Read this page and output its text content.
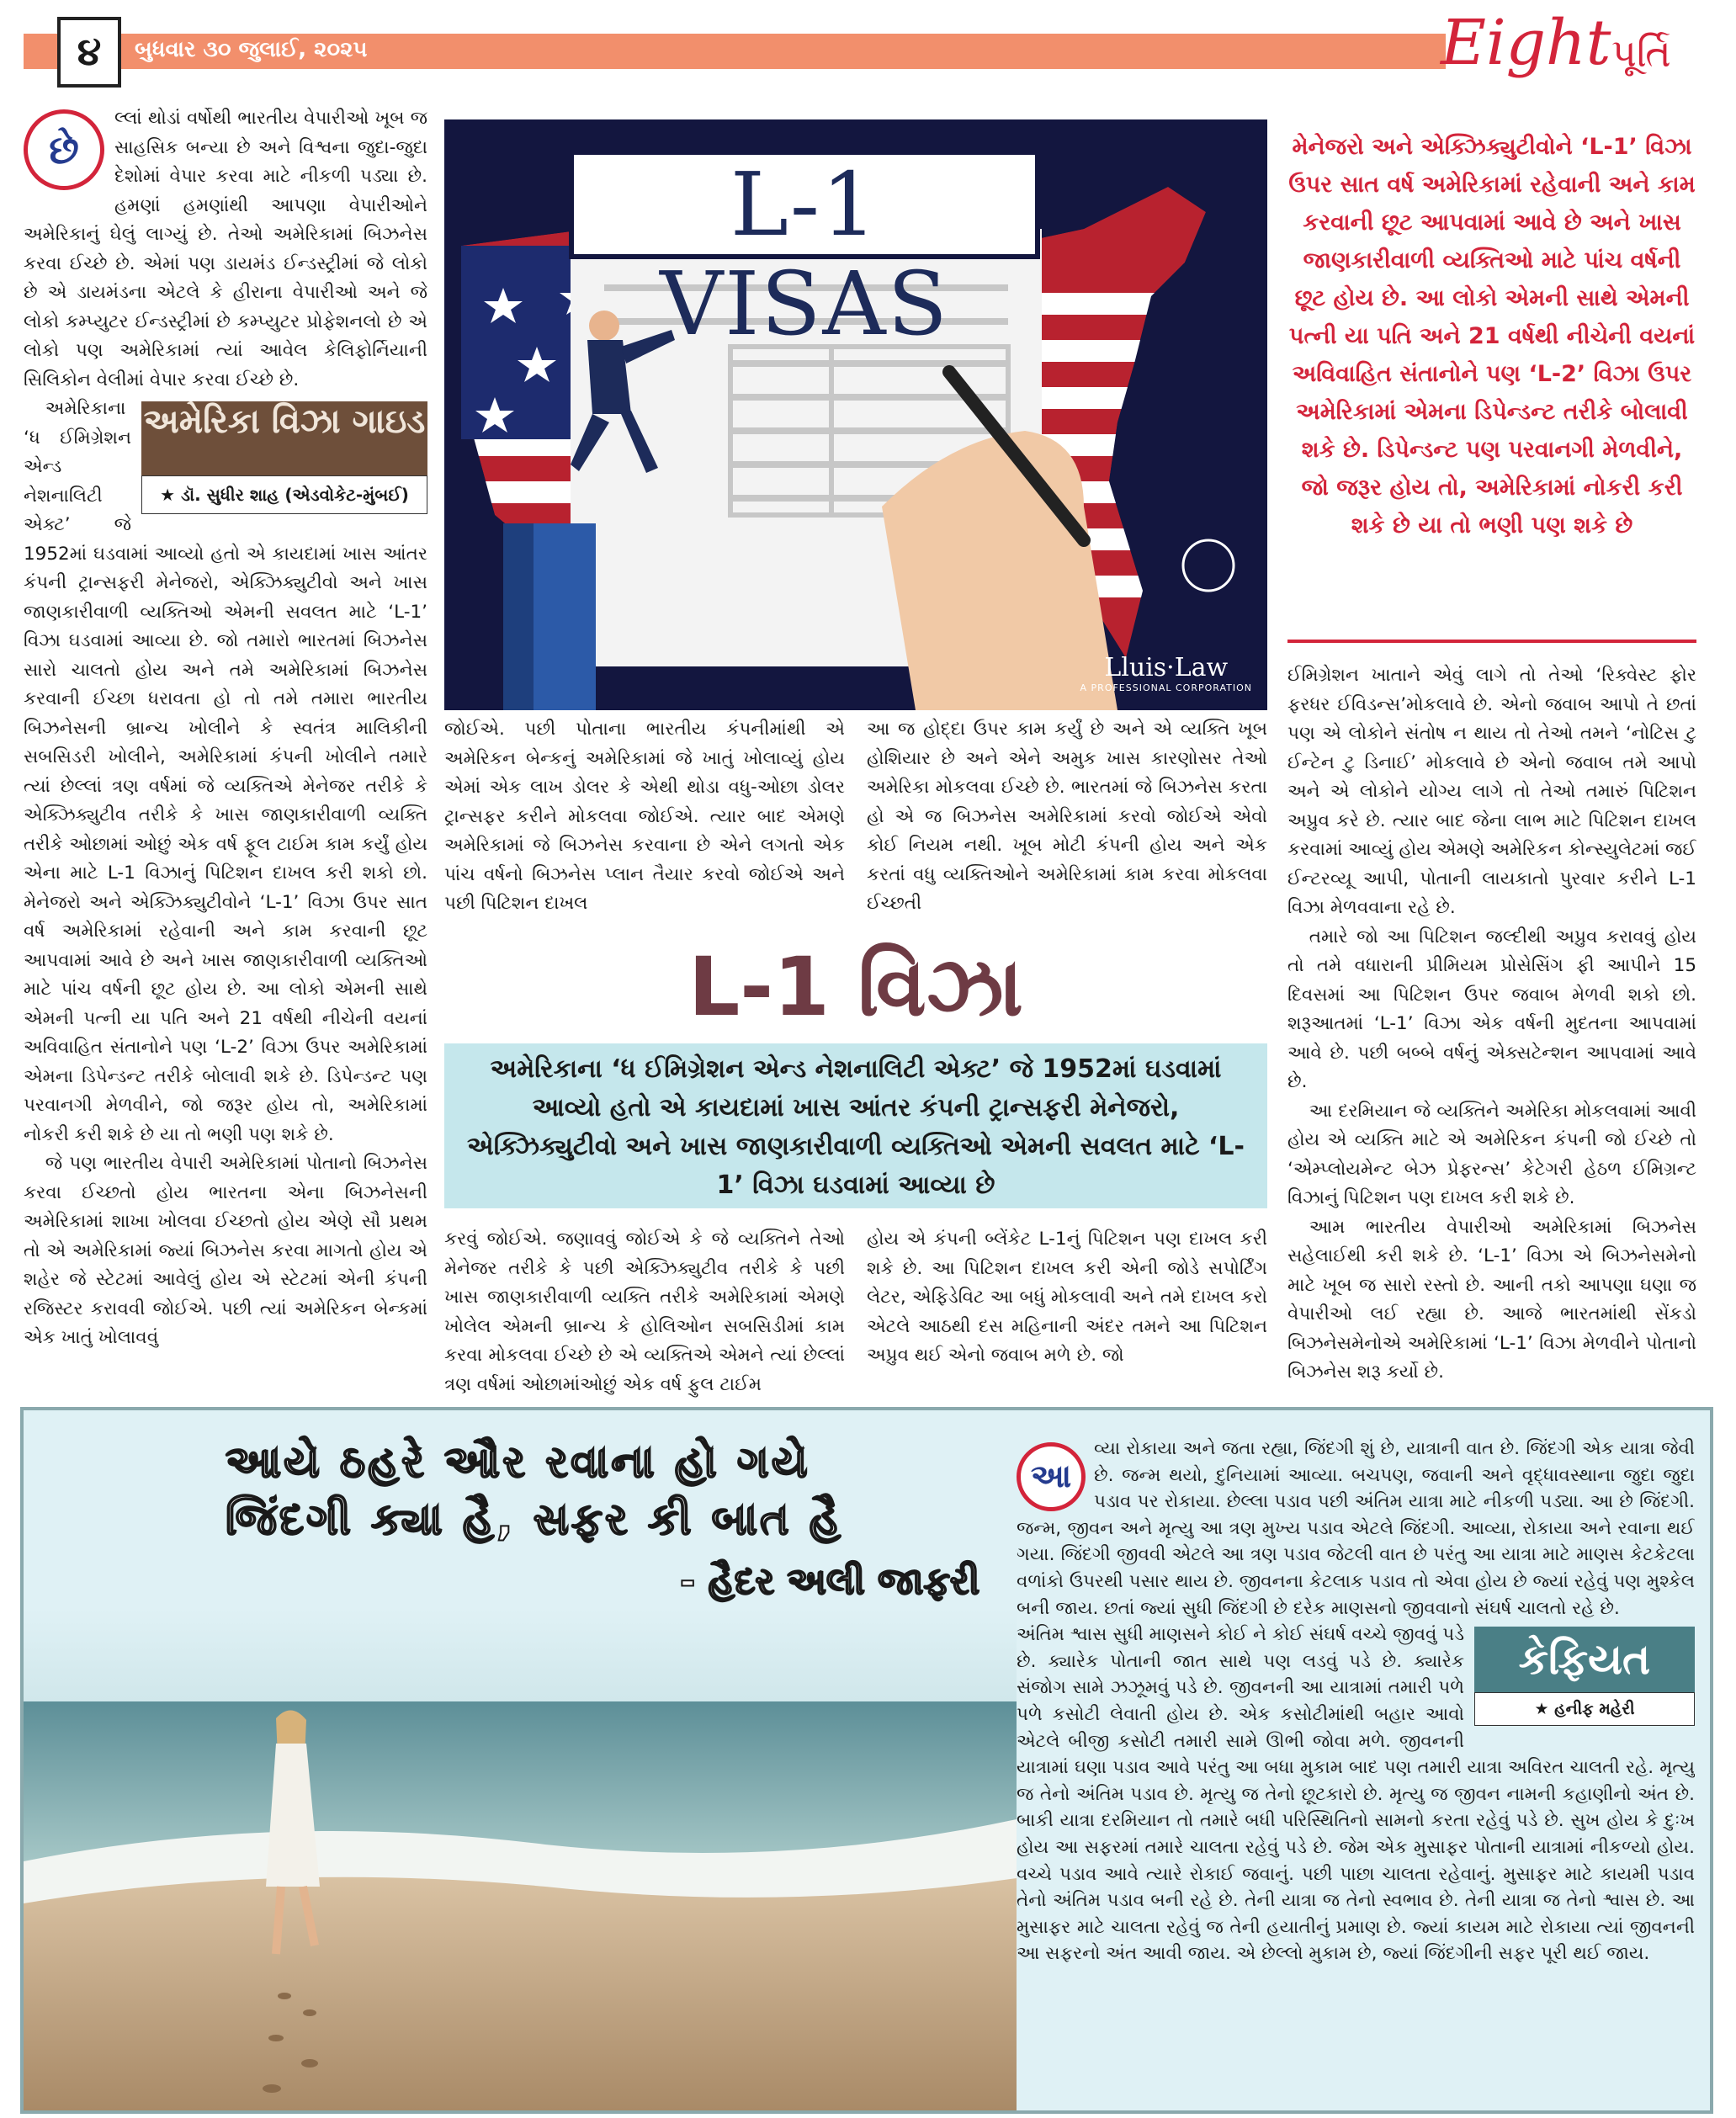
૪	બુધવાર ૩૦ જુલાઈ, ૨૦૨૫	Eight પૂર્તિ
છે

લ્લાં થોડાં વર્ષોથી ભારતીય વેપારીઓ ખૂબ જ સાહસિક બન્યા છે અને વિશ્વના જુદા-જુદા દેશોમાં વેપાર કરવા માટે નીકળી પડ્યા છે. હમણાં હમણાંથી આપણા વેપારીઓને અમેરિકાનું ઘેલું લાગ્યું છે. તેઓ અમેરિકામાં બિઝનેસ કરવા ઈચ્છે છે. એમાં પણ ડાયમંડ ઈન્ડસ્ટ્રીમાં જે લોકો છે એ ડાયમંડના એટલે કે હીરાના વેપારીઓ અને જે લોકો કમ્પ્યુટર ઈન્ડસ્ટ્રીમાં છે કમ્પ્યુટર પ્રોફેશનલો છે એ લોકો પણ અમેરિકામાં ત્યાં આવેલ કેલિફોર્નિયાની સિલિકોન વેલીમાં વેપાર કરવા ઈચ્છે છે.

અમેરિકા વિઝા ગાઇડ
★ ડૉ. સુધીર શાહ (એડવોકેટ-મુંબઈ)

અમેરિકાના ‘ધ ઈમિગ્રેશન એન્ડ નેશનાલિટી એક્ટ’ જે 1952માં ઘડવામાં આવ્યો હતો એ કાયદામાં ખાસ આંતર કંપની ટ્રાન્સફરી મેનેજરો, એક્ઝિક્યુટીવો અને ખાસ જાણકારીવાળી વ્યક્તિઓ એમની સવલત માટે ‘L-1’ વિઝા ઘડવામાં આવ્યા છે. જો તમારો ભારતમાં બિઝનેસ સારો ચાલતો હોય અને તમે અમેરિકામાં બિઝનેસ કરવાની ઈચ્છા ધરાવતા હો તો તમે તમારા ભારતીય બિઝનેસની બ્રાન્ચ ખોલીને કે સ્વતંત્ર માલિકીની સબસિડરી ખોલીને, અમેરિકામાં કંપની ખોલીને તમારે ત્યાં છેલ્લાં ત્રણ વર્ષમાં જે વ્યક્તિએ મેનેજર તરીકે કે એક્ઝિક્યુટીવ તરીકે કે ખાસ જાણકારીવાળી વ્યક્તિ તરીકે ઓછામાં ઓછું એક વર્ષ ફૂલ ટાઈમ કામ કર્યું હોય એના માટે L-1 વિઝાનું પિટિશન દાખલ કરી શકો છો. મેનેજરો અને એક્ઝિક્યુટીવોને ‘L-1’ વિઝા ઉપર સાત વર્ષ અમેરિકામાં રહેવાની અને કામ કરવાની છૂટ આપવામાં આવે છે અને ખાસ જાણકારીવાળી વ્યક્તિઓ માટે પાંચ વર્ષની છૂટ હોય છે. આ લોકો એમની સાથે એમની પત્ની યા પતિ અને 21 વર્ષથી નીચેની વયનાં અવિવાહિત સંતાનોને પણ ‘L-2’ વિઝા ઉપર અમેરિકામાં એમના ડિપેન્ડન્ટ તરીકે બોલાવી શકે છે. ડિપેન્ડન્ટ પણ પરવાનગી મેળવીને, જો જરૂર હોય તો, અમેરિકામાં નોકરી કરી શકે છે યા તો ભણી પણ શકે છે.

જે પણ ભારતીય વેપારી અમેરિકામાં પોતાનો બિઝનેસ કરવા ઈચ્છતો હોય ભારતના એના બિઝનેસની અમેરિકામાં શાખા ખોલવા ઈચ્છતો હોય એણે સૌ પ્રથમ તો એ અમેરિકામાં જ્યાં બિઝનેસ કરવા માગતો હોય એ શહેર જે સ્ટેટમાં આવેલું હોય એ સ્ટેટમાં એની કંપની રજિસ્ટર કરાવવી જોઈએ. પછી ત્યાં અમેરિકન બેન્કમાં એક ખાતું ખોલાવવું

L-1 VISAS
Lluis·Law
A PROFESSIONAL CORPORATION
મેનેજરો અને એક્ઝિક્યુટીવોને ‘L-1’ વિઝા ઉપર સાત વર્ષ અમેરિકામાં રહેવાની અને કામ કરવાની છૂટ આપવામાં આવે છે અને ખાસ જાણકારીવાળી વ્યક્તિઓ માટે પાંચ વર્ષની છૂટ હોય છે. આ લોકો એમની સાથે એમની પત્ની યા પતિ અને 21 વર્ષથી નીચેની વયનાં અવિવાહિત સંતાનોને પણ ‘L-2’ વિઝા ઉપર અમેરિકામાં એમના ડિપેન્ડન્ટ તરીકે બોલાવી શકે છે. ડિપેન્ડન્ટ પણ પરવાનગી મેળવીને, જો જરૂર હોય તો, અમેરિકામાં નોકરી કરી શકે છે યા તો ભણી પણ શકે છે
જોઈએ. પછી પોતાના ભારતીય કંપનીમાંથી એ અમેરિકન બેન્કનું અમેરિકામાં જે ખાતું ખોલાવ્યું હોય એમાં એક લાખ ડોલર કે એથી થોડા વધુ-ઓછા ડોલર ટ્રાન્સફર કરીને મોકલવા જોઈએ. ત્યાર બાદ એમણે અમેરિકામાં જે બિઝનેસ કરવાના છે એને લગતો એક પાંચ વર્ષનો બિઝનેસ પ્લાન તૈયાર કરવો જોઈએ અને પછી પિટિશન દાખલ
આ જ હોદ્દા ઉપર કામ કર્યું છે અને એ વ્યક્તિ ખૂબ હોશિયાર છે અને એને અમુક ખાસ કારણોસર તેઓ અમેરિકા મોકલવા ઈચ્છે છે. ભારતમાં જે બિઝનેસ કરતા હો એ જ બિઝનેસ અમેરિકામાં કરવો જોઈએ એવો કોઈ નિયમ નથી. ખૂબ મોટી કંપની હોય અને એક કરતાં વધુ વ્યક્તિઓને અમેરિકામાં કામ કરવા મોકલવા ઈચ્છતી
L-1 વિઝા
અમેરિકાના ‘ધ ઈમિગ્રેશન એન્ડ નેશનાલિટી એક્ટ’ જે 1952માં ઘડવામાં આવ્યો હતો એ કાયદામાં ખાસ આંતર કંપની ટ્રાન્સફરી મેનેજરો, એક્ઝિક્યુટીવો અને ખાસ જાણકારીવાળી વ્યક્તિઓ એમની સવલત માટે ‘L-1’ વિઝા ઘડવામાં આવ્યા છે
કરવું જોઈએ. જણાવવું જોઈએ કે જે વ્યક્તિને તેઓ મેનેજર તરીકે કે પછી એક્ઝિક્યુટીવ તરીકે કે પછી ખાસ જાણકારીવાળી વ્યક્તિ તરીકે અમેરિકામાં એમણે ખોલેલ એમની બ્રાન્ચ કે હોલિઓન સબસિડીમાં કામ કરવા મોકલવા ઈચ્છે છે એ વ્યક્તિએ એમને ત્યાં છેલ્લાં ત્રણ વર્ષમાં ઓછામાંઓછું એક વર્ષ ફુલ ટાઈમ
હોય એ કંપની બ્લેંકેટ L-1નું પિટિશન પણ દાખલ કરી શકે છે. આ પિટિશન દાખલ કરી એની જોડે સપોર્ટિંગ લેટર, એફિડેવિટ આ બધું મોકલાવી અને તમે દાખલ કરો એટલે આઠથી દસ મહિનાની અંદર તમને આ પિટિશન અપ્રુવ થઈ એનો જવાબ મળે છે. જો

ઈમિગ્રેશન ખાતાને એવું લાગે તો તેઓ ‘રિક્વેસ્ટ ફોર ફરધર ઈવિડન્સ’મોકલાવે છે. એનો જવાબ આપો તે છતાં પણ એ લોકોને સંતોષ ન થાય તો તેઓ તમને ‘નોટિસ ટુ ઈન્ટેન ટુ ડિનાઈ’ મોકલાવે છે એનો જવાબ તમે આપો અને એ લોકોને યોગ્ય લાગે તો તેઓ તમારું પિટિશન અપ્રુવ કરે છે. ત્યાર બાદ જેના લાભ માટે પિટિશન દાખલ કરવામાં આવ્યું હોય એમણે અમેરિકન કોન્સ્યુલેટમાં જઈ ઈન્ટરવ્યૂ આપી, પોતાની લાયકાતો પુરવાર કરીને L-1 વિઝા મેળવવાના રહે છે.

તમારે જો આ પિટિશન જલ્દીથી અપ્રુવ કરાવવું હોય તો તમે વધારાની પ્રીમિયમ પ્રોસેસિંગ ફી આપીને 15 દિવસમાં આ પિટિશન ઉપર જવાબ મેળવી શકો છો. શરૂઆતમાં ‘L-1’ વિઝા એક વર્ષની મુદતના આપવામાં આવે છે. પછી બબ્બે વર્ષનું એક્સટેન્શન આપવામાં આવે છે.

આ દરમિયાન જે વ્યક્તિને અમેરિકા મોકલવામાં આવી હોય એ વ્યક્તિ માટે એ અમેરિકન કંપની જો ઈચ્છે તો ‘એમ્પ્લોયમેન્ટ બેઝ પ્રેફરન્સ’ કેટેગરી હેઠળ ઈમિગ્રન્ટ વિઝાનું પિટિશન પણ દાખલ કરી શકે છે.

આમ ભારતીય વેપારીઓ અમેરિકામાં બિઝનેસ સહેલાઈથી કરી શકે છે. ‘L-1’ વિઝા એ બિઝનેસમેનો માટે ખૂબ જ સારો રસ્તો છે. આની તકો આપણા ઘણા જ વેપારીઓ લઈ રહ્યા છે. આજે ભારતમાંથી સેંકડો બિઝનેસમેનોએ અમેરિકામાં ‘L-1’ વિઝા મેળવીને પોતાનો બિઝનેસ શરૂ કર્યો છે.

આયે ઠહરે ઔર રવાના હો ગયે
જિંદગી ક્યા હૈ, સફર કી બાત હૈ
- હૈદર અલી જાફરી
આ

વ્યા રોકાયા અને જતા રહ્યા, જિંદગી શું છે, યાત્રાની વાત છે. જિંદગી એક યાત્રા જેવી છે. જન્મ થયો, દુનિયામાં આવ્યા. બચપણ, જવાની અને વૃદ્ધાવસ્થાના જુદા જુદા પડાવ પર રોકાયા. છેલ્લા પડાવ પછી અંતિમ યાત્રા માટે નીકળી પડ્યા. આ છે જિંદગી. જન્મ, જીવન અને મૃત્યુ આ ત્રણ મુખ્ય પડાવ એટલે જિંદગી. આવ્યા, રોકાયા અને રવાના થઈ ગયા. જિંદગી જીવવી એટલે આ ત્રણ પડાવ જેટલી વાત છે પરંતુ આ યાત્રા માટે માણસ કેટકેટલા વળાંકો ઉપરથી પસાર થાય છે. જીવનના કેટલાક પડાવ તો એવા હોય છે જ્યાં રહેવું પણ મુશ્કેલ બની જાય. છતાં જ્યાં સુધી જિંદગી છે દરેક માણસનો જીવવાનો સંઘર્ષ ચાલતો રહે છે.

કેફિયત
★ હનીફ મહેરી

અંતિમ શ્વાસ સુધી માણસને કોઈ ને કોઈ સંઘર્ષ વચ્ચે જીવવું પડે છે. ક્યારેક પોતાની જાત સાથે પણ લડવું પડે છે. ક્યારેક સંજોગ સામે ઝઝૂમવું પડે છે. જીવનની આ યાત્રામાં તમારી પળે પળે કસોટી લેવાતી હોય છે. એક કસોટીમાંથી બહાર આવો એટલે બીજી કસોટી તમારી સામે ઊભી જોવા મળે. જીવનની યાત્રામાં ઘણા પડાવ આવે પરંતુ આ બધા મુકામ બાદ પણ તમારી યાત્રા અવિરત ચાલતી રહે. મૃત્યુ જ તેનો અંતિમ પડાવ છે. મૃત્યુ જ તેનો છૂટકારો છે. મૃત્યુ જ જીવન નામની કહાણીનો અંત છે. બાકી યાત્રા દરમિયાન તો તમારે બધી પરિસ્થિતિનો સામનો કરતા રહેવું પડે છે. સુખ હોય કે દુઃખ હોય આ સફરમાં તમારે ચાલતા રહેવું પડે છે. જેમ એક મુસાફર પોતાની યાત્રામાં નીકળ્યો હોય. વચ્ચે પડાવ આવે ત્યારે રોકાઈ જવાનું. પછી પાછા ચાલતા રહેવાનું. મુસાફર માટે કાયમી પડાવ તેનો અંતિમ પડાવ બની રહે છે. તેની યાત્રા જ તેનો સ્વભાવ છે. તેની યાત્રા જ તેનો શ્વાસ છે. આ મુસાફર માટે ચાલતા રહેવું જ તેની હયાતીનું પ્રમાણ છે. જ્યાં કાયમ માટે રોકાયા ત્યાં જીવનની આ સફરનો અંત આવી જાય. એ છેલ્લો મુકામ છે, જ્યાં જિંદગીની સફર પૂરી થઈ જાય.
